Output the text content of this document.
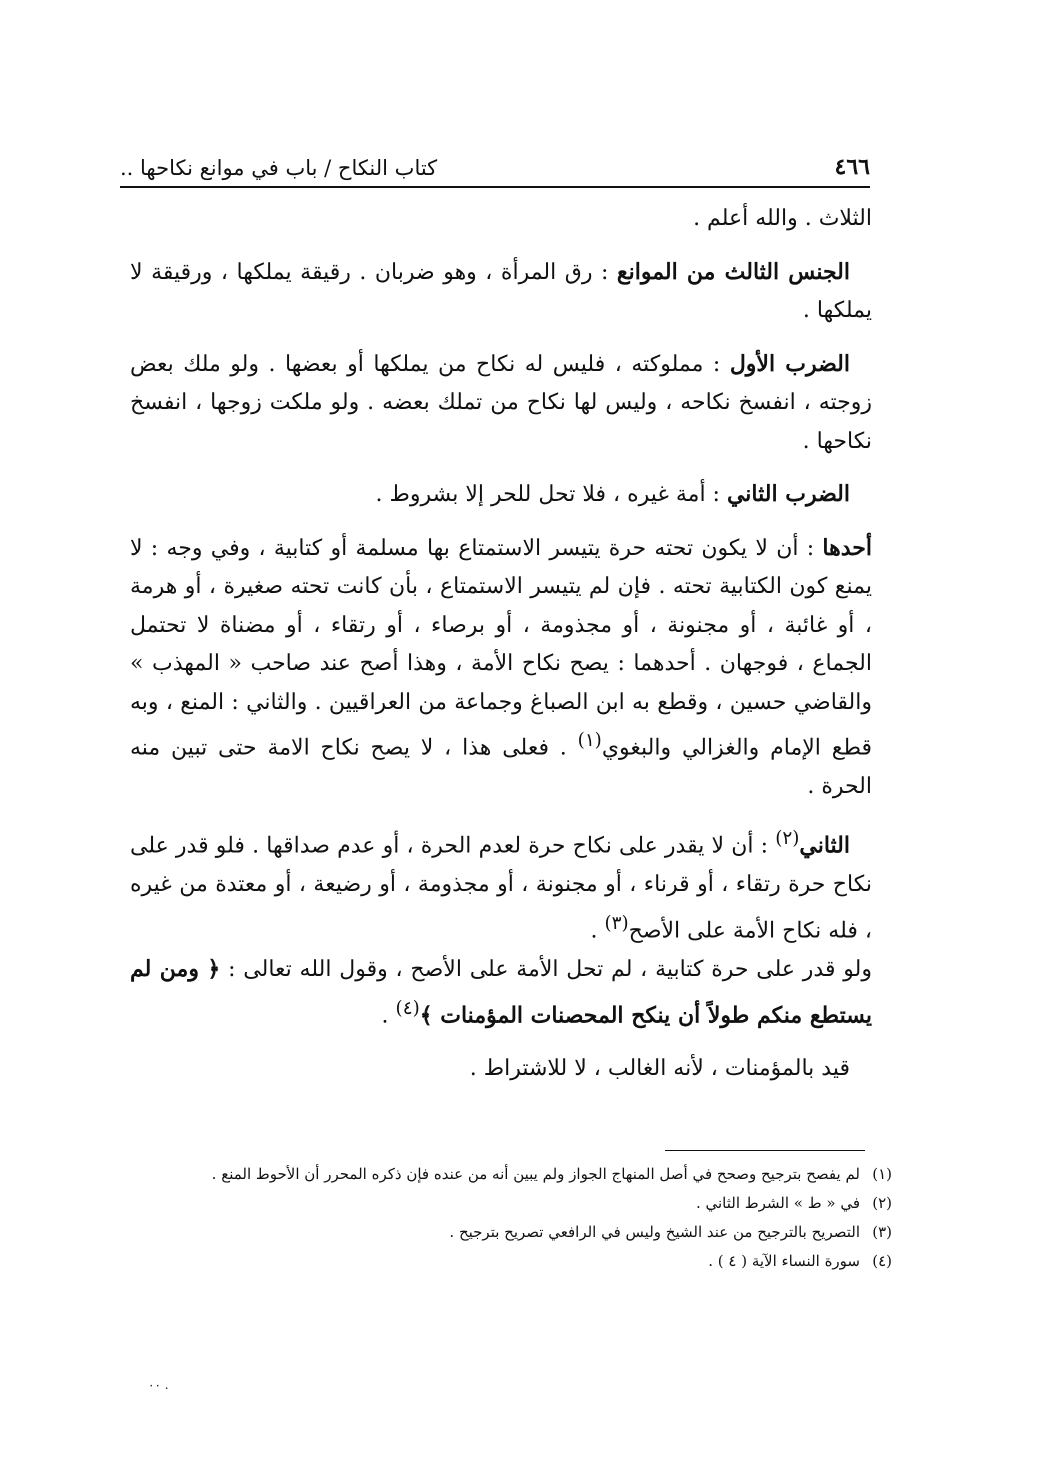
٤٦٦
كتاب النكاح / باب في موانع نكاحها ..

الثلاث . والله أعلم .

الجنس الثالث من الموانع : رق المرأة ، وهو ضربان . رقيقة يملكها ، ورقيقة لا يملكها .

الضرب الأول : مملوكته ، فليس له نكاح من يملكها أو بعضها . ولو ملك بعض زوجته ، انفسخ نكاحه ، وليس لها نكاح من تملك بعضه . ولو ملكت زوجها ، انفسخ نكاحها .

الضرب الثاني : أمة غيره ، فلا تحل للحر إلا بشروط .

أحدها : أن لا يكون تحته حرة يتيسر الاستمتاع بها مسلمة أو كتابية ، وفي وجه : لا يمنع كون الكتابية تحته . فإن لم يتيسر الاستمتاع ، بأن كانت تحته صغيرة ، أو هرمة ، أو غائبة ، أو مجنونة ، أو مجذومة ، أو برصاء ، أو رتقاء ، أو مضناة لا تحتمل الجماع ، فوجهان . أحدهما : يصح نكاح الأمة ، وهذا أصح عند صاحب « المهذب » والقاضي حسين ، وقطع به ابن الصباغ وجماعة من العراقيين . والثاني : المنع ، وبه قطع الإمام والغزالي والبغوي$^{(١)}$ . فعلى هذا ، لا يصح نكاح الامة حتى تبين منه الحرة .

الثاني$^{(٢)}$ : أن لا يقدر على نكاح حرة لعدم الحرة ، أو عدم صداقها . فلو قدر على نكاح حرة رتقاء ، أو قرناء ، أو مجنونة ، أو مجذومة ، أو رضيعة ، أو معتدة من غيره ، فله نكاح الأمة على الأصح$^{(٣)}$ .

ولو قدر على حرة كتابية ، لم تحل الأمة على الأصح ، وقول الله تعالى : ﴿ ومن لم يستطع منكم طولاً أن ينكح المحصنات المؤمنات ﴾$^{(٤)}$ .

قيد بالمؤمنات ، لأنه الغالب ، لا للاشتراط .

(١)
لم يفصح بترجيح وصحح في أصل المنهاج الجواز ولم يبين أنه من عنده فإن ذكره المحرر أن الأحوط المنع .
(٢)
في « ط » الشرط الثاني .
(٣)
التصريح بالترجيح من عند الشيخ وليس في الرافعي تصريح بترجيح .
(٤)
سورة النساء الآية ( ٤ ) .
٠٠ .
